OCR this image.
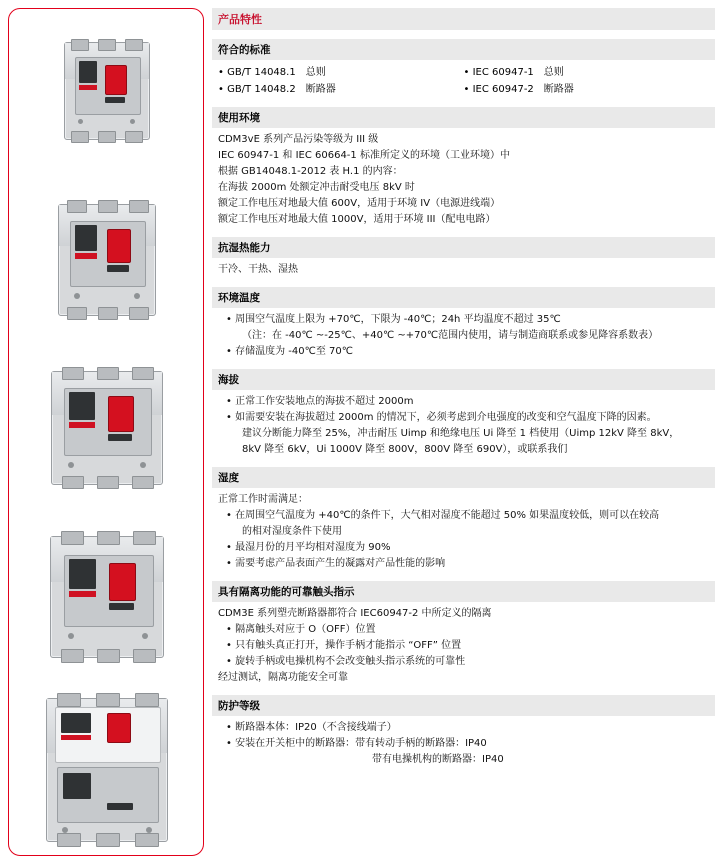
产品特性
符合的标准
• GB/T 14048.1　总则
• GB/T 14048.2　断路器
• IEC 60947-1　总则
• IEC 60947-2　断路器
使用环境

CDM3vE 系列产品污染等级为 III 级

IEC 60947-1 和 IEC 60664-1 标准所定义的环境（工业环境）中

根据 GB14048.1-2012 表 H.1 的内容：

在海拔 2000m 处额定冲击耐受电压 8kV 时

额定工作电压对地最大值 600V，适用于环境 IV（电源进线端）

额定工作电压对地最大值 1000V，适用于环境 III（配电电路）

抗湿热能力

干冷、干热、湿热

环境温度

• 周围空气温度上限为 +70℃，下限为 -40℃；24h 平均温度不超过 35℃

（注：在 -40℃ ~-25℃、+40℃ ~+70℃范围内使用，请与制造商联系或参见降容系数表）

• 存储温度为 -40℃至 70℃

海拔

• 正常工作安装地点的海拔不超过 2000m

• 如需要安装在海拔超过 2000m 的情况下，必须考虑到介电强度的改变和空气温度下降的因素。

建议分断能力降至 25%，冲击耐压 Uimp 和绝缘电压 Ui 降至 1 档使用（Uimp 12kV 降至 8kV，

8kV 降至 6kV，Ui 1000V 降至 800V，800V 降至 690V），或联系我们

湿度

正常工作时需满足：

• 在周围空气温度为 +40℃的条件下，大气相对湿度不能超过 50% 如果温度较低，则可以在较高

的相对湿度条件下使用

• 最湿月份的月平均相对湿度为 90%

• 需要考虑产品表面产生的凝露对产品性能的影响

具有隔离功能的可靠触头指示

CDM3E 系列塑壳断路器都符合 IEC60947-2 中所定义的隔离

• 隔离触头对应于 O（OFF）位置

• 只有触头真正打开，操作手柄才能指示 “OFF” 位置

• 旋转手柄或电操机构不会改变触头指示系统的可靠性

经过测试，隔离功能安全可靠

防护等级

• 断路器本体：IP20（不含接线端子）

• 安装在开关柜中的断路器：带有转动手柄的断路器：IP40

　　　　　　　　　　　　　带有电操机构的断路器：IP40
